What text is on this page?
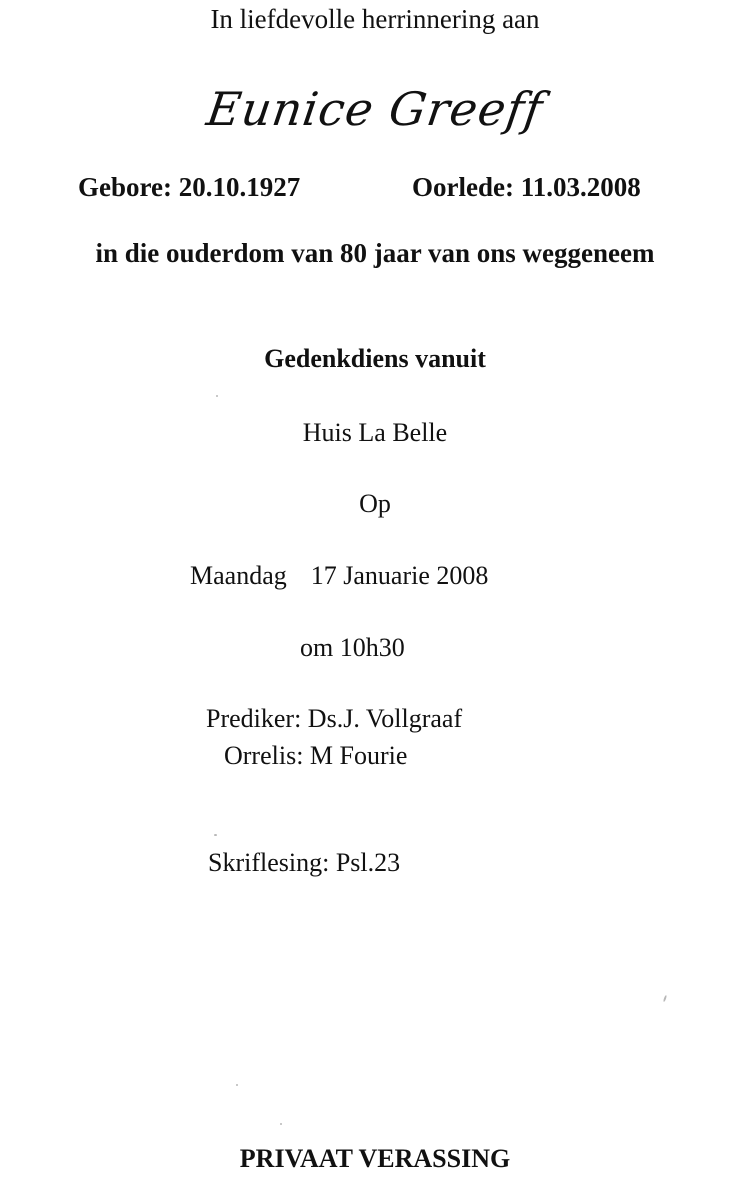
In liefdevolle herrinnering aan
Eunice Greeff
Gebore: 20.10.1927	Oorlede: 11.03.2008
in die ouderdom van 80 jaar van ons weggeneem
Gedenkdiens vanuit
Huis La Belle
Op
Maandag 17 Januarie 2008
om 10h30
Prediker: Ds.J. Vollgraaf
Orrelis: M Fourie
Skriflesing: Psl.23
PRIVAAT VERASSING
